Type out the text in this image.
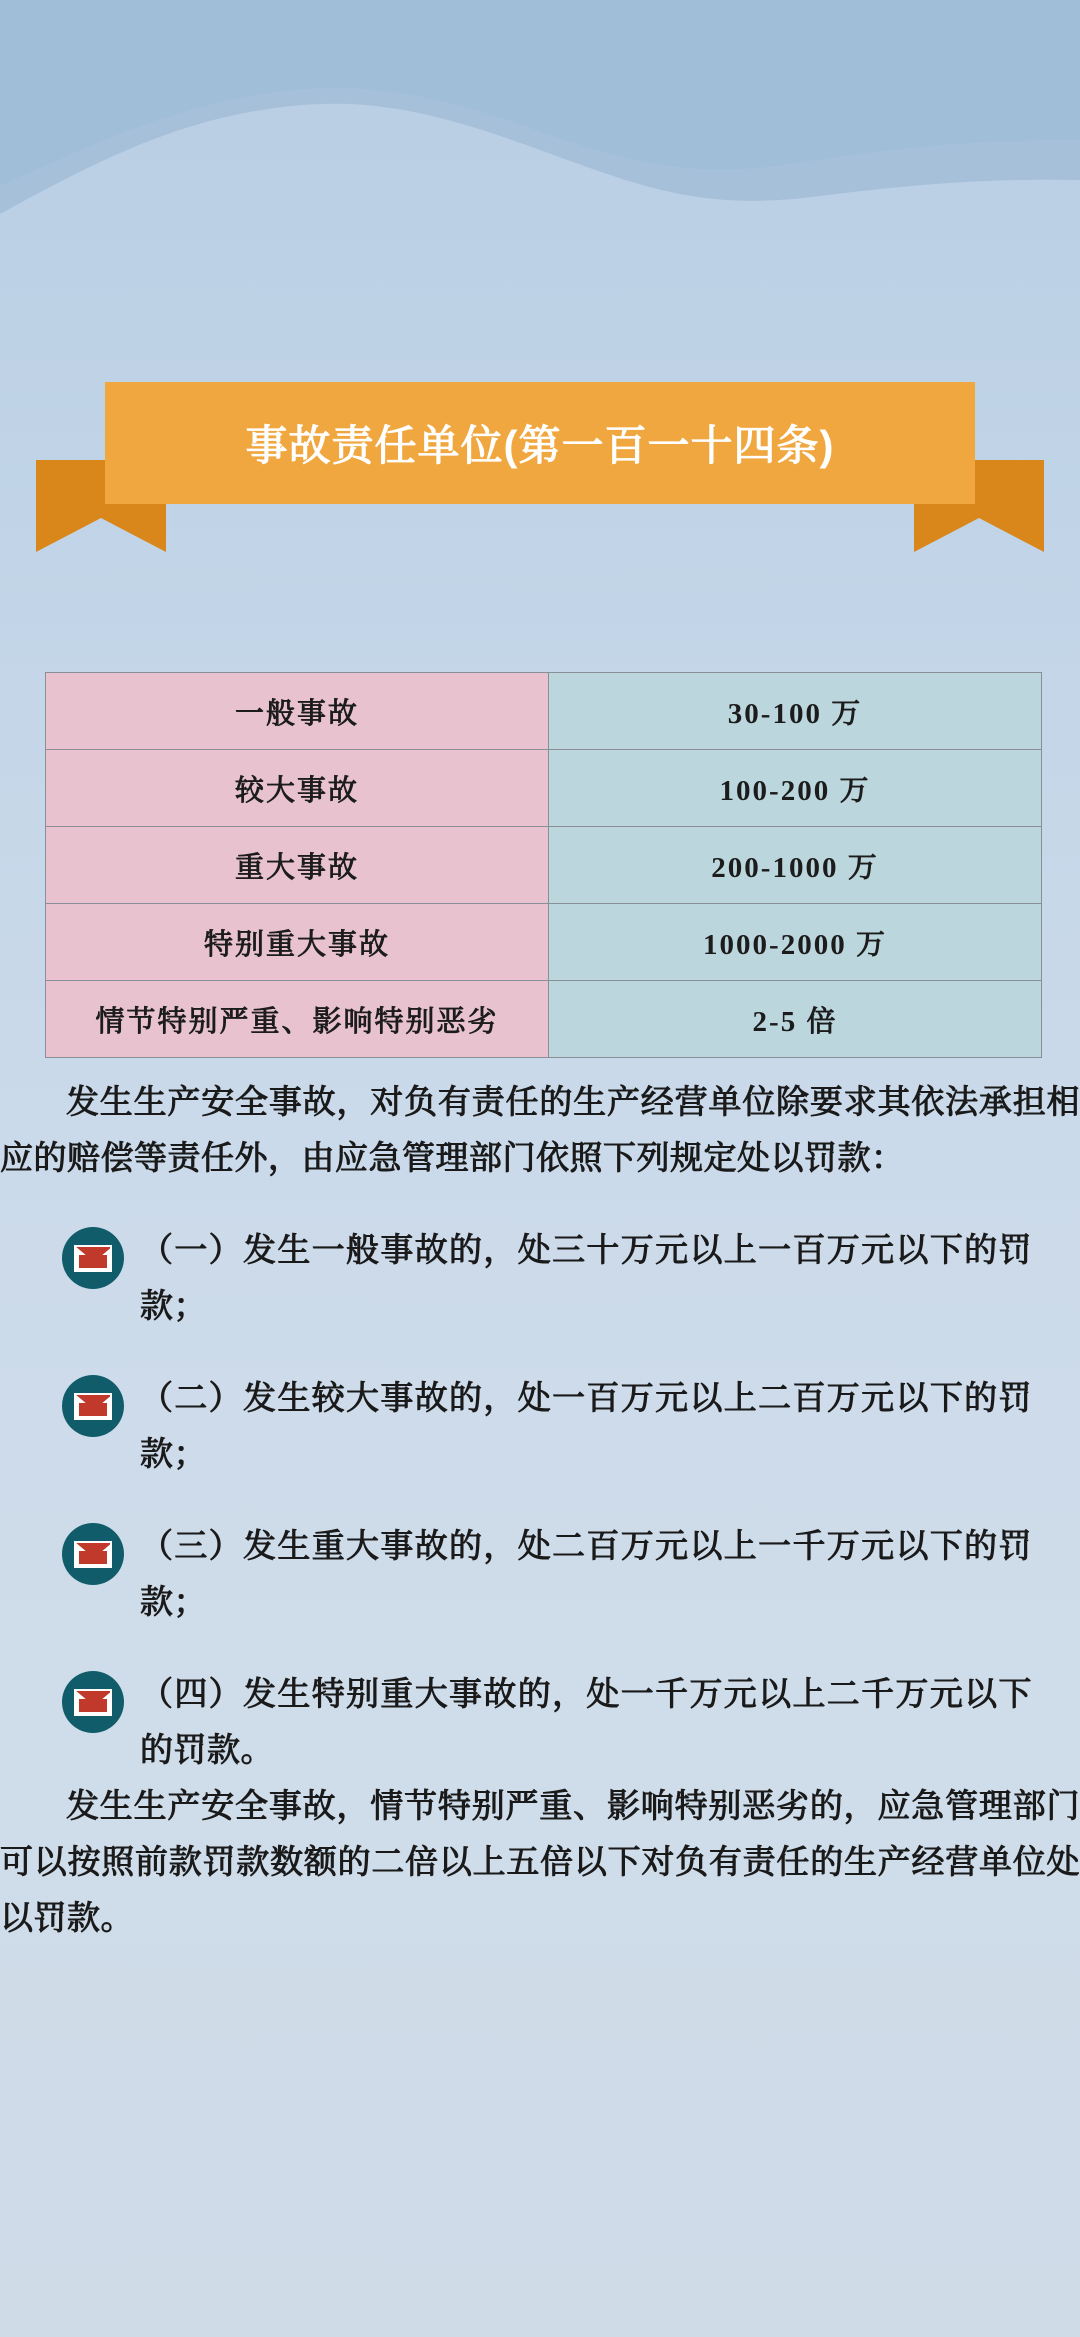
事故责任单位(第一百一十四条)
一般事故	30-100 万
较大事故	100-200 万
重大事故	200-1000 万
特别重大事故	1000-2000 万
情节特别严重、影响特别恶劣	2-5 倍

发生生产安全事故，对负有责任的生产经营单位除要求其依法承担相应的赔偿等责任外，由应急管理部门依照下列规定处以罚款：

（一）发生一般事故的，处三十万元以上一百万元以下的罚款；

（二）发生较大事故的，处一百万元以上二百万元以下的罚款；

（三）发生重大事故的，处二百万元以上一千万元以下的罚款；

（四）发生特别重大事故的，处一千万元以上二千万元以下的罚款。

发生生产安全事故，情节特别严重、影响特别恶劣的，应急管理部门可以按照前款罚款数额的二倍以上五倍以下对负有责任的生产经营单位处以罚款。
